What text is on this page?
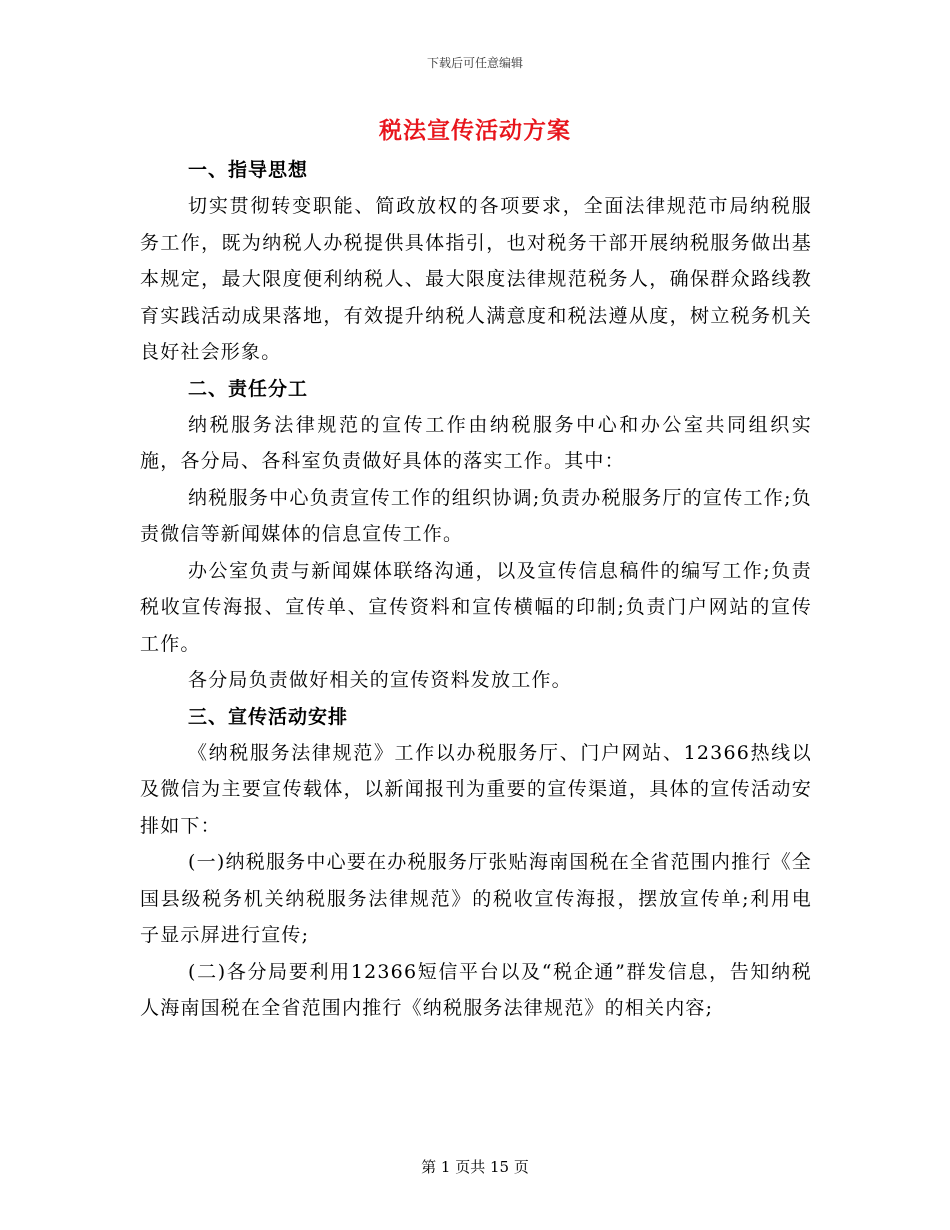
下载后可任意编辑
税法宣传活动方案

一、指导思想

切实贯彻转变职能、简政放权的各项要求，全面法律规范市局纳税服务工作，既为纳税人办税提供具体指引，也对税务干部开展纳税服务做出基本规定，最大限度便利纳税人、最大限度法律规范税务人，确保群众路线教育实践活动成果落地，有效提升纳税人满意度和税法遵从度，树立税务机关良好社会形象。

二、责任分工

纳税服务法律规范的宣传工作由纳税服务中心和办公室共同组织实施，各分局、各科室负责做好具体的落实工作。其中：

纳税服务中心负责宣传工作的组织协调;负责办税服务厅的宣传工作;负责微信等新闻媒体的信息宣传工作。

办公室负责与新闻媒体联络沟通，以及宣传信息稿件的编写工作;负责税收宣传海报、宣传单、宣传资料和宣传横幅的印制;负责门户网站的宣传工作。

各分局负责做好相关的宣传资料发放工作。

三、宣传活动安排

《纳税服务法律规范》工作以办税服务厅、门户网站、12366热线以及微信为主要宣传载体，以新闻报刊为重要的宣传渠道，具体的宣传活动安排如下：

(一)纳税服务中心要在办税服务厅张贴海南国税在全省范围内推行《全国县级税务机关纳税服务法律规范》的税收宣传海报，摆放宣传单;利用电子显示屏进行宣传;

(二)各分局要利用12366短信平台以及“税企通”群发信息，告知纳税人海南国税在全省范围内推行《纳税服务法律规范》的相关内容;

第 1 页共 15 页
